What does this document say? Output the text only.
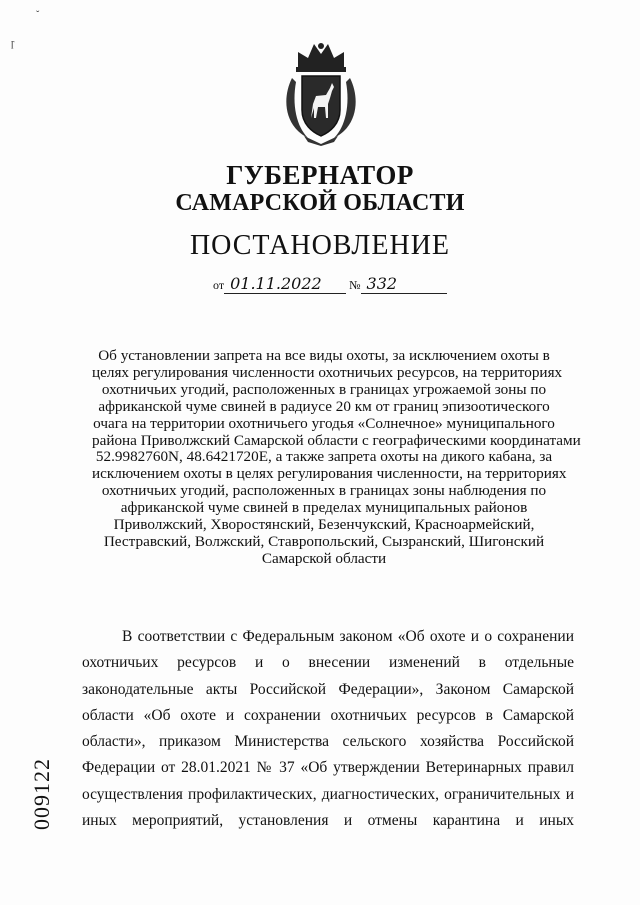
ˇ
ɼ
ГУБЕРНАТОР
САМАРСКОЙ ОБЛАСТИ
ПОСТАНОВЛЕНИЕ
от 01.11.2022 № 332
Об установлении запрета на все виды охоты, за исключением охоты в
целях регулирования численности охотничьих ресурсов, на территориях
охотничьих угодий, расположенных в границах угрожаемой зоны по
африканской чуме свиней в радиусе 20 км от границ эпизоотического
очага на территории охотничьего угодья «Солнечное» муниципального
района Приволжский Самарской области с географическими координатами
52.9982760N, 48.6421720E, а также запрета охоты на дикого кабана, за
исключением охоты в целях регулирования численности, на территориях
охотничьих угодий, расположенных в границах зоны наблюдения по
африканской чуме свиней в пределах муниципальных районов
Приволжский, Хворостянский, Безенчукский, Красноармейский,
Пестравский, Волжский, Ставропольский, Сызранский, Шигонский
Самарской области
В соответствии с Федеральным законом «Об охоте и о сохранении
охотничьих ресурсов и о внесении изменений в отдельные
законодательные акты Российской Федерации», Законом Самарской
области «Об охоте и сохранении охотничьих ресурсов в Самарской
области», приказом Министерства сельского хозяйства Российской
Федерации от 28.01.2021 № 37 «Об утверждении Ветеринарных правил
осуществления профилактических, диагностических, ограничительных и
иных мероприятий, установления и отмены карантина и иных
009122
